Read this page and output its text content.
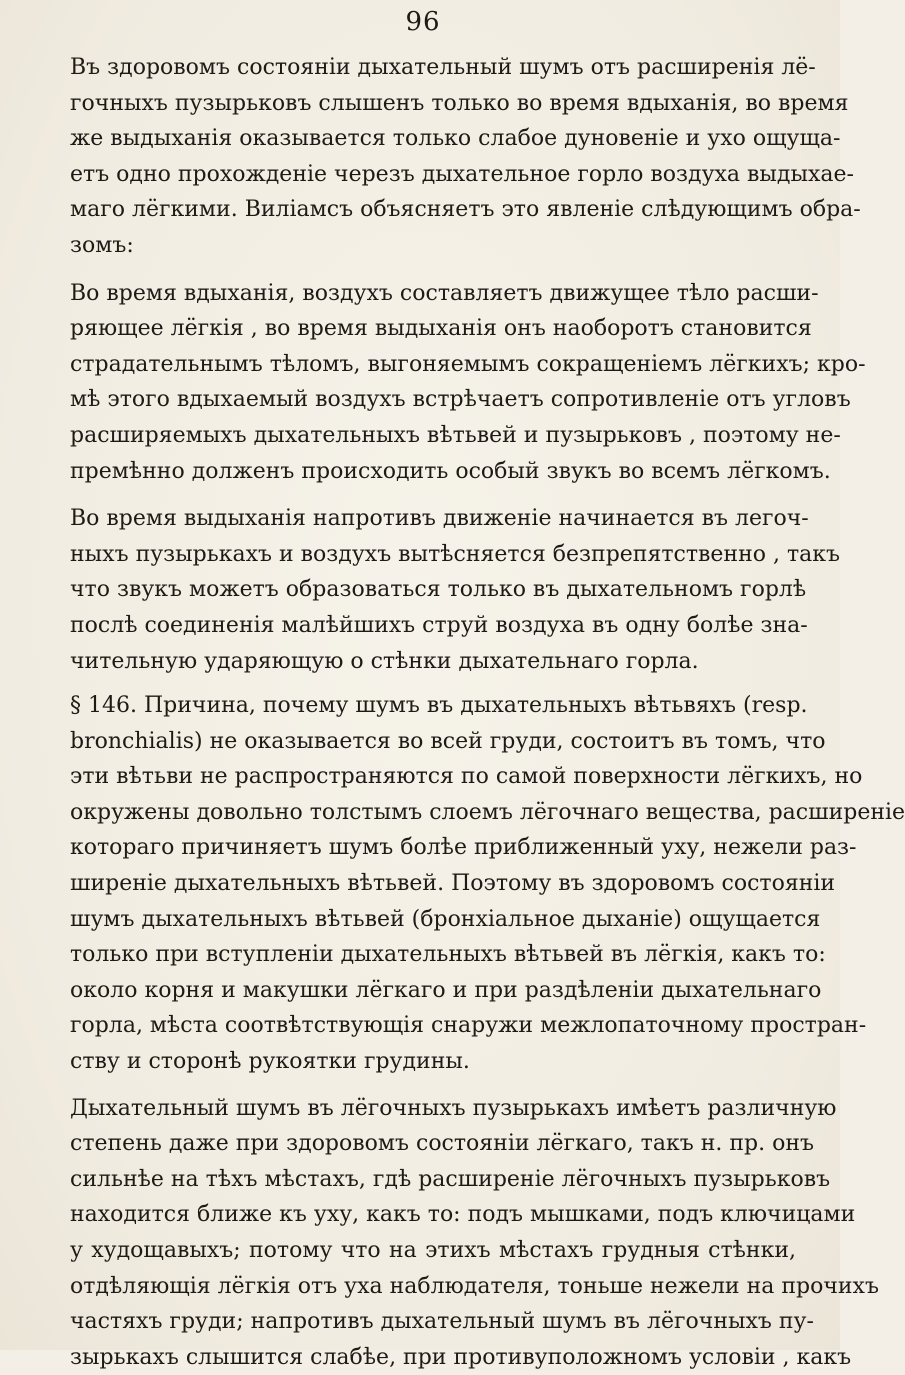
96
Въ здоровомъ состоянiи дыхательный шумъ отъ расширенiя лё-
гочныхъ пузырьковъ слышенъ только во время вдыханiя, во время
же выдыханiя оказывается только слабое дуновенiе и ухо ощуща-
етъ одно прохожденiе черезъ дыхательное горло воздуха выдыхае-
маго лёгкими. Виліамсъ объясняетъ это явленiе слѣдующимъ обра-
зомъ:
Во время вдыханiя, воздухъ составляетъ движущее тѣло расши-
ряющее лёгкія , во время выдыханiя онъ наоборотъ становится
страдательнымъ тѣломъ, выгоняемымъ сокращенiемъ лёгкихъ; кро-
мѣ этого вдыхаемый воздухъ встрѣчаетъ сопротивленiе отъ угловъ
расширяемыхъ дыхательныхъ вѣтьвей и пузырьковъ , поэтому не-
премѣнно долженъ происходить особый звукъ во всемъ лёгкомъ.
Во время выдыханiя напротивъ движенiе начинается въ легоч-
ныхъ пузырькахъ и воздухъ вытѣсняется безпрепятственно , такъ
что звукъ можетъ образоваться только въ дыхательномъ горлѣ
послѣ соединенiя малѣйшихъ струй воздуха въ одну болѣе зна-
чительную ударяющую о стѣнки дыхательнаго горла.
§ 146. Причина, почему шумъ въ дыхательныхъ вѣтьвяхъ (resp.
bronchialis) не оказывается во всей груди, состоитъ въ томъ, что
эти вѣтьви не распространяются по самой поверхности лёгкихъ, но
окружены довольно толстымъ слоемъ лёгочнаго вещества, расширенiе
котораго причиняетъ шумъ болѣе приближенный уху, нежели раз-
ширенiе дыхательныхъ вѣтьвей. Поэтому въ здоровомъ состоянiи
шумъ дыхательныхъ вѣтьвей (бронхiальное дыханiе) ощущается
только при вступленiи дыхательныхъ вѣтьвей въ лёгкія, какъ то:
около корня и макушки лёгкаго и при раздѣленiи дыхательнаго
горла, мѣста соотвѣтствующiя снаружи межлопаточному простран-
ству и сторонѣ рукоятки грудины.
Дыхательный шумъ въ лёгочныхъ пузырькахъ имѣетъ различную
степень даже при здоровомъ состоянiи лёгкаго, такъ н. пр. онъ
сильнѣе на тѣхъ мѣстахъ, гдѣ расширенiе лёгочныхъ пузырьковъ
находится ближе къ уху, какъ то: подъ мышками, подъ ключицами
у худощавыхъ; потому что на этихъ мѣстахъ грудныя стѣнки,
отдѣляющiя лёгкія отъ уха наблюдателя, тоньше нежели на прочихъ
частяхъ груди; напротивъ дыхательный шумъ въ лёгочныхъ пу-
зырькахъ слышится слабѣе, при противуположномъ условiи , какъ
